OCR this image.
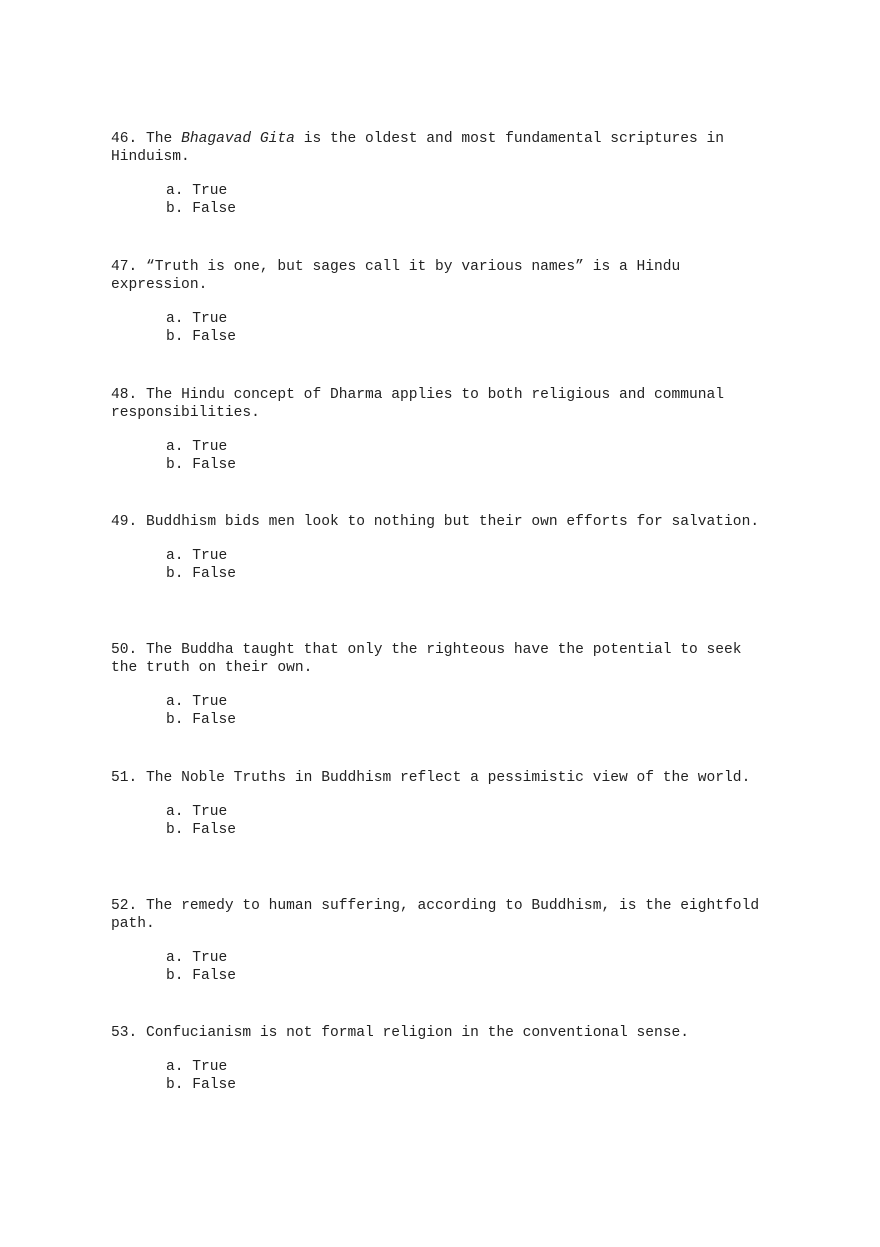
46. The Bhagavad Gita is the oldest and most fundamental scriptures in Hinduism.

a. True
b. False

47. “Truth is one, but sages call it by various names” is a Hindu expression.

a. True
b. False

48. The Hindu concept of Dharma applies to both religious and communal responsibilities.

a. True
b. False

49. Buddhism bids men look to nothing but their own efforts for salvation.

a. True
b. False

50. The Buddha taught that only the righteous have the potential to seek the truth on their own.

a. True
b. False

51. The Noble Truths in Buddhism reflect a pessimistic view of the world.

a. True
b. False

52. The remedy to human suffering, according to Buddhism, is the eightfold path.

a. True
b. False

53. Confucianism is not formal religion in the conventional sense.

a. True
b. False
